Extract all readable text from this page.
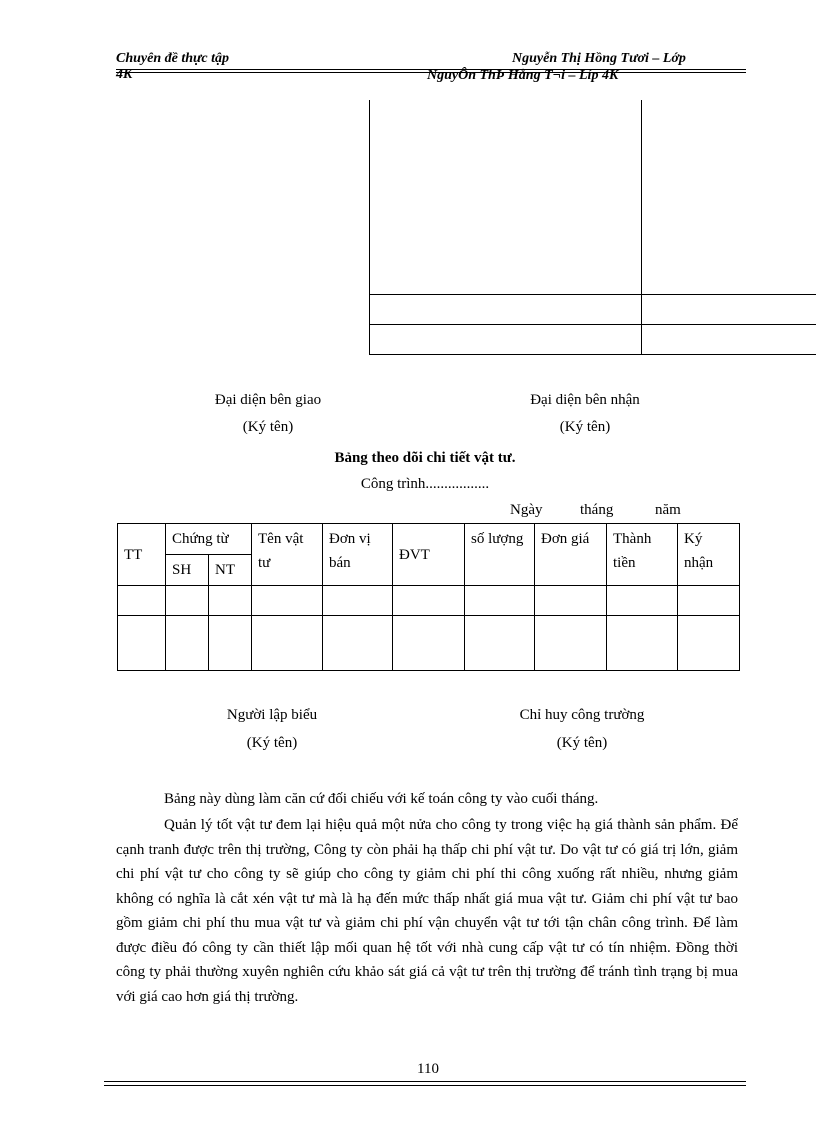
Chuyên đề thực tập	Nguyễn Thị Hồng Tươi – Lớp
4K	NguyÔn ThÞ Hång T¬i – Líp 4K
Đại diện bên giao
(Ký tên)
Đại diện bên nhận
(Ký tên)
Bảng theo dõi chi tiết vật tư.
Công trình.................
Ngày	tháng	năm
TT	Chứng từ		Tên vật tư	Đơn vị bán	ĐVT	số lượng	Đơn giá	Thành tiền	Ký nhận
	SH	NT							

Người lập biểu
(Ký tên)
Chỉ huy công trường
(Ký tên)
Bảng này dùng làm căn cứ đối chiếu với kế toán công ty vào cuối tháng.
Quản lý tốt vật tư đem lại hiệu quả một nửa cho công ty trong việc hạ giá thành sản phẩm. Để cạnh tranh được trên thị trường, Công ty còn phải hạ thấp chi phí vật tư. Do vật tư có giá trị lớn, giảm chi phí vật tư cho công ty sẽ giúp cho công ty giảm chi phí thi công xuống rất nhiều, nhưng giảm không có nghĩa là cắt xén vật tư mà là hạ đến mức thấp nhất giá mua vật tư. Giảm chi phí vật tư bao gồm giảm chi phí thu mua vật tư và giảm chi phí vận chuyển vật tư tới tận chân công trình. Để làm được điều đó công ty cần thiết lập mối quan hệ tốt với nhà cung cấp vật tư có tín nhiệm. Đồng thời công ty phải thường xuyên nghiên cứu khảo sát giá cả vật tư trên thị trường để tránh tình trạng bị mua với giá cao hơn giá thị trường.
110
